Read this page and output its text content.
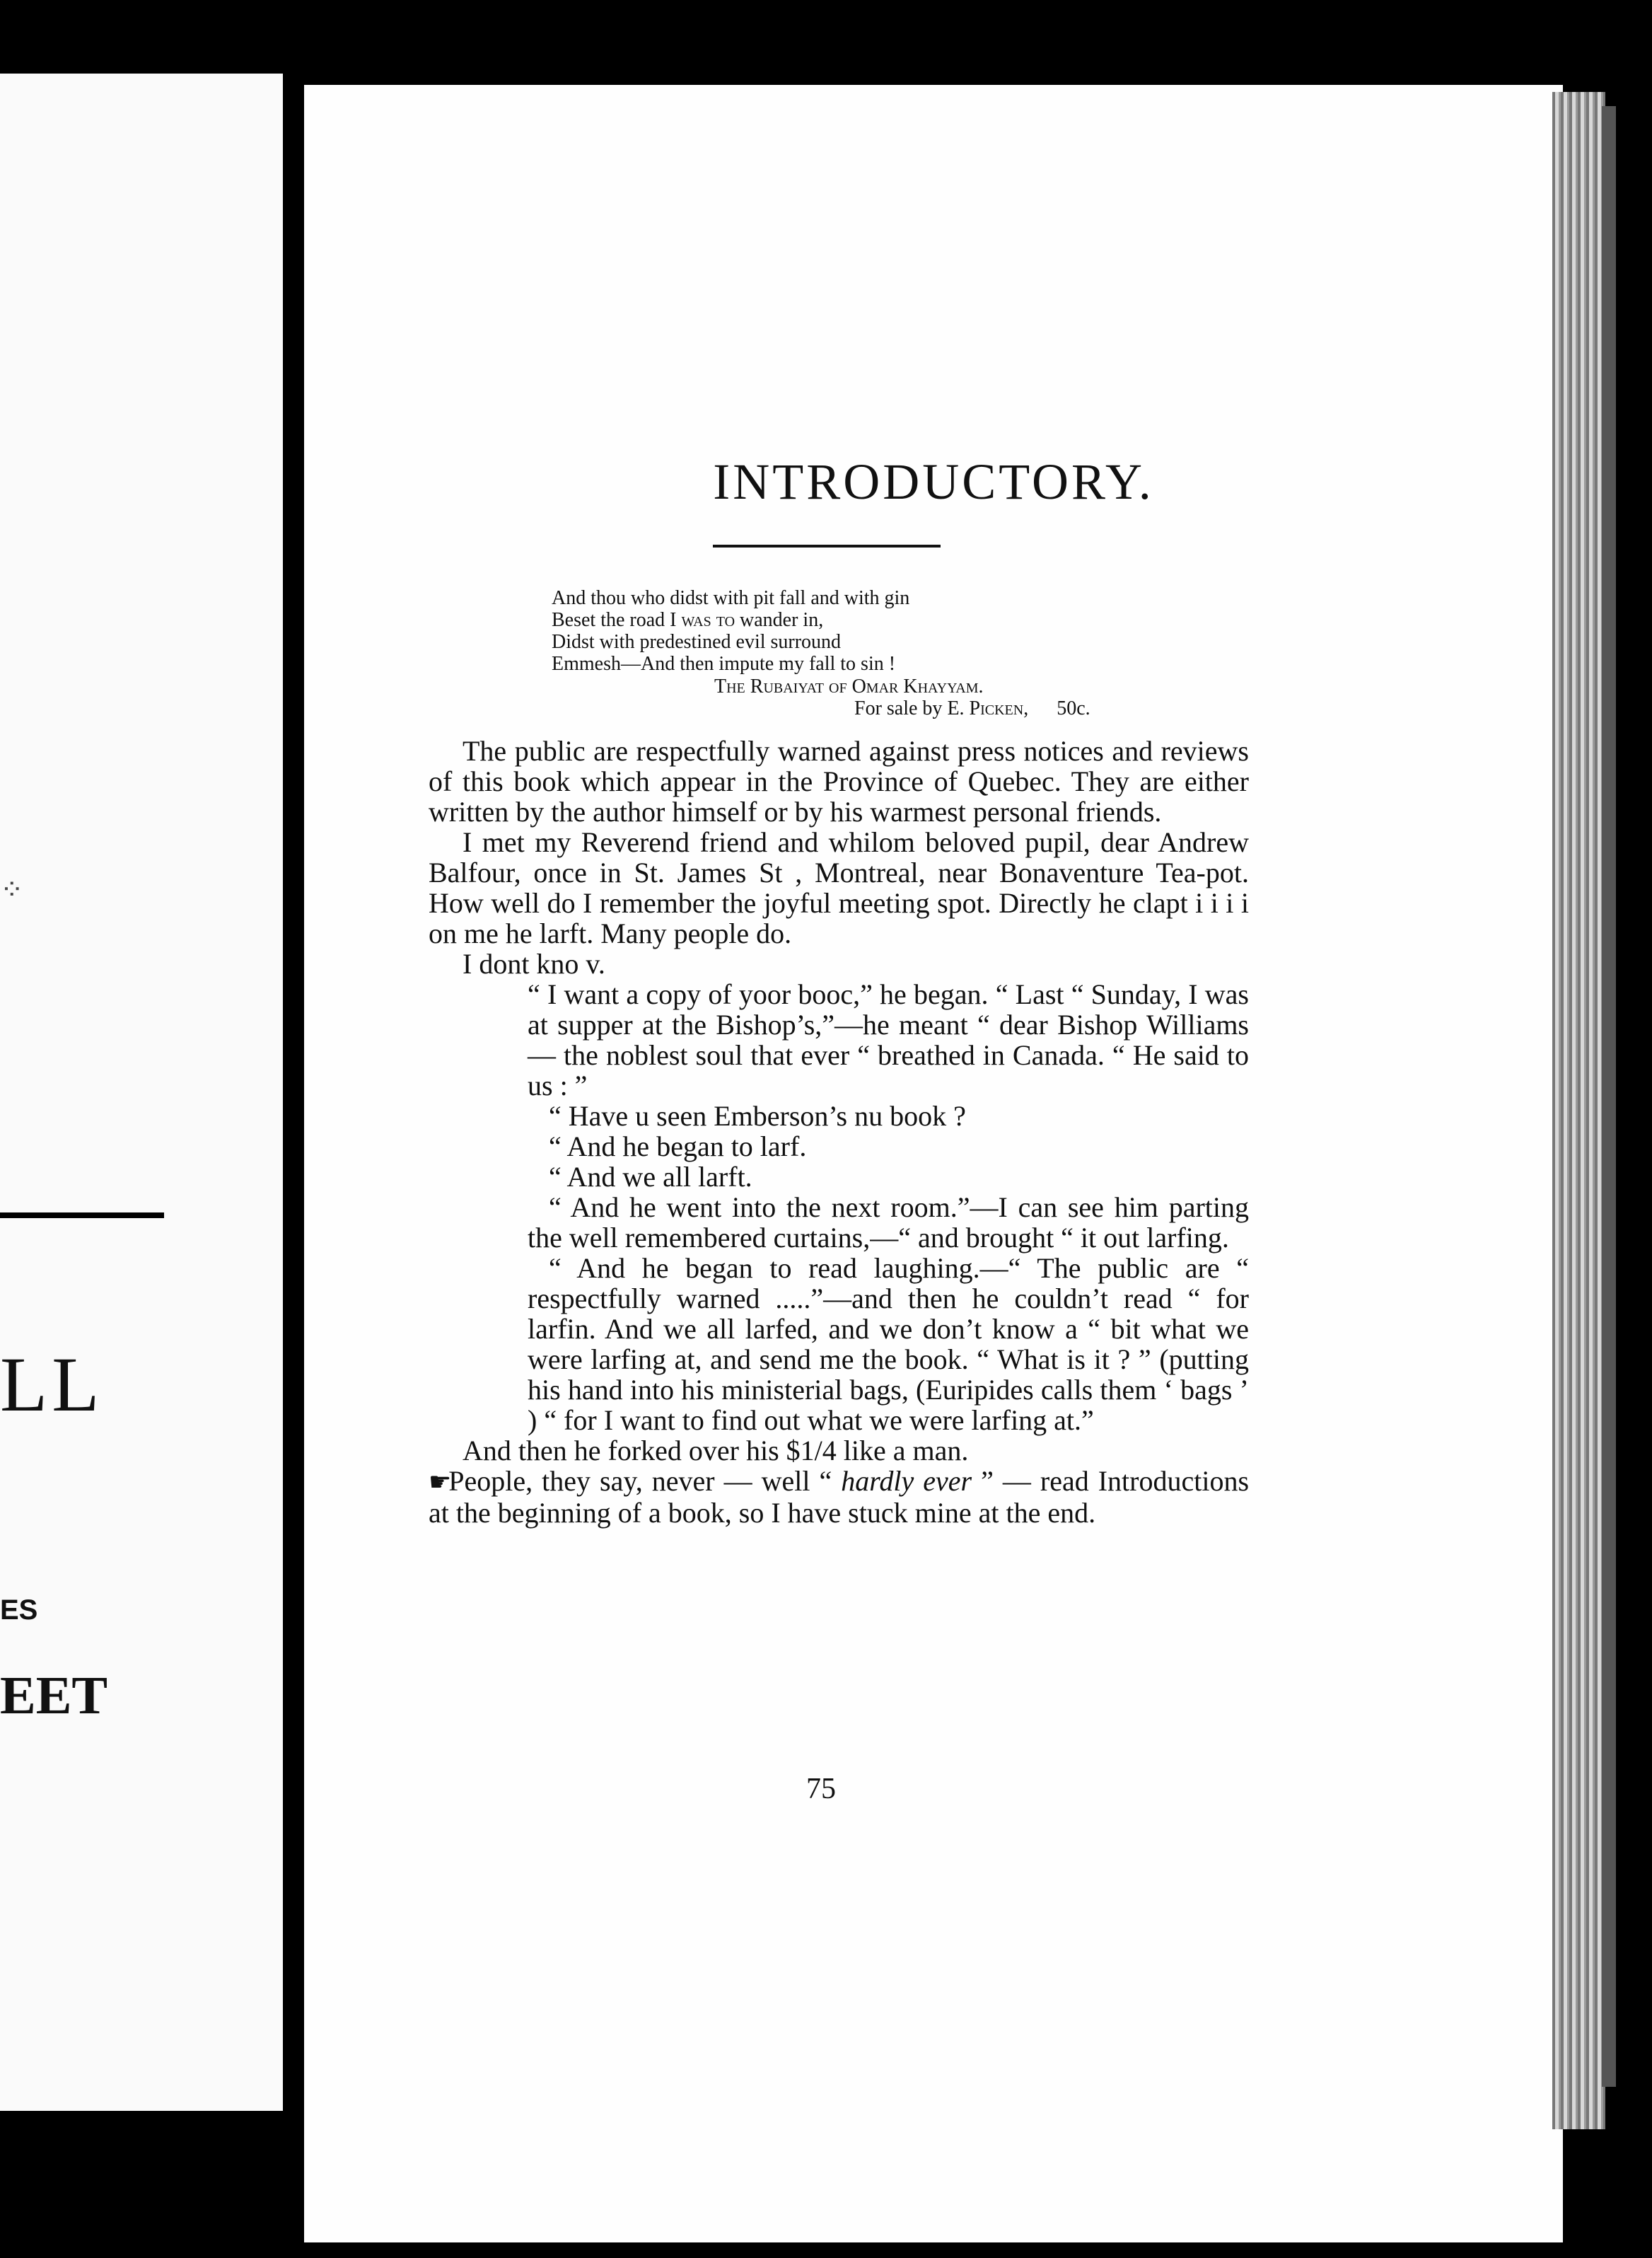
⁘
LL
ES
EET
INTRODUCTORY.
And thou who didst with pit fall and with gin
Beset the road I was to wander in,
Didst with predestined evil surround
Emmesh—And then impute my fall to sin !
The Rubaiyat of Omar Khayyam.
For sale by E. Picken, 50c.

The public are respectfully warned against press notices and reviews of this book which appear in the Province of Quebec. They are either written by the author himself or by his warmest personal friends.

I met my Reverend friend and whilom beloved pupil, dear Andrew Balfour, once in St. James St , Montreal, near Bonaventure Tea-pot. How well do I remember the joyful meeting spot. Directly he clapt i i i i on me he larft. Many people do.

I dont kno v.

“ I want a copy of yoor booc,” he began. “ Last “ Sunday, I was at supper at the Bishop’s,”—he meant “ dear Bishop Williams— the noblest soul that ever “ breathed in Canada. “ He said to us : ”

“ Have u seen Emberson’s nu book ?

“ And he began to larf.

“ And we all larft.

“ And he went into the next room.”—I can see him parting the well remembered curtains,—“ and brought “ it out larfing.

“ And he began to read laughing.—“ The public are “ respectfully warned .....”—and then he couldn’t read “ for larfin. And we all larfed, and we don’t know a “ bit what we were larfing at, and send me the book. “ What is it ? ” (putting his hand into his ministerial bags, (Euripides calls them ‘ bags ’ ) “ for I want to find out what we were larfing at.”

And then he forked over his $1/4 like a man.

☛People, they say, never — well “ hardly ever ” — read Introductions at the beginning of a book, so I have stuck mine at the end.

75
